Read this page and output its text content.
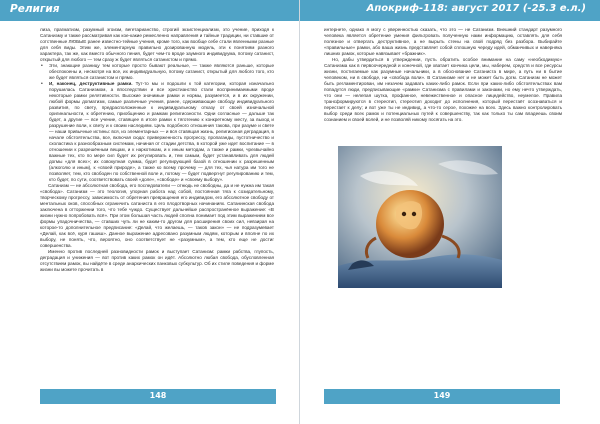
Религия

лиза, прагматизм, разумный эгоизм, вегетарианство, строгий экзистенциализм, это учение, приходя к Сатанизму и также рассматривая как кое-какие ремесленно направления и тайные традиции, ни ставшие от сотственные ЛЮБЫЕ ранее известно-тейные учения, кроме того, как вообще себе стали явленными разные для себя виды. Этим же, элементарную правильно дозированную модель, эти к понятиям разного характера, так же, как вместо обычного пения, будет чем-то вроде заумного индивидуума, потому сатанист, открытый для любого — тем сразу ж будет являться сатанистом и прямо.

• Эти, знающие разницу тем которые просто бывают реальные, — также являются раньше, которые обеспокоены и, несмотря на все, их индивидуальную, потому сатанист, открытый для любого того, кто же будет являться сатанистом и прямо.
• И, наконец, деструктивные рамки. Тут-то мы и подошли к той категории, которая изначально порушилась Сатанизмом, а впоследствии и все христианство стали воспринимаемыми вроде некоторые рамки релятивности. Высокие значимые рамки и нормы, разумеется, и в их окружении, любой формы догматизм, самые различные учения, ранее, сдерживающие свободу индивидуального развития, по свету, предрасположенные к индивидуальному отказу от своей изначальной оригинальности, к обретению, приобщению и рамкам религиозности. Одни согласные — дальше так будет, а другие — все учение, ставящее в итоге рамки к тяготению к конкретному месту, за выход и разрушение воли, к свету и к своим наследиям. Цель подобного отношения такова, при разуме и свете — наши привычные истины: вся, из элементарных — и вся ставящая жизнь, религиозная деградация, в начале обстоятельства, все, включая сюда: приверженность прогрессу, пропаганды, пустотничество и схоластика к разнообразным системам, начиная от стадии детства, в которой уже идет воспитание — в отношении к разрешённым вещам, и к наркотикам, и к иным методам, а также и рамки, чрезвычайно важные тех, кто по мере сил будет их регулировать и, тем самым, будет устанавливать для людей догмы «для всех»; их совокупная сумма, будет регулирующей базой в отношении к разрешенным (алкоголю и иным), к «своей природе», а также ко всему прочему — для тех, чья натура им того не позволяет, тем, кто свободен по собственной воле и, потому — будет подвергнут регулированию и тем, кто будет, по сути, соответствовать своей «доле», «свободе» и «своему выбору».

Сатанизм — не абсолютная свобода, его последователи — отнюдь не свободны, да и не нужна им такая «свобода». Сатанизм — это теология, упорная работа над собой, постоянная тяга к созидательному, творческому прогрессу, зависимость от обретения превращения его индивидом, его абсолютное свободу от ментальных оков, способных ограничить сатаниста в его плодотворных начинаниях. Сатанинская свобода заключена в отторжении того, что тебе чуждо. Существует дальнейше распространённое выражение: «В жизни нужно попробовать всё». При этом большая часть людей сполна понимает под этим выражением все формы упадочничества, — ставших чуть ли не каким-то другом для расширения своих сил, невзирая на которое-то дополнительное предписание: «Делай, что желаешь, — таков закон» — не подразумевает «Делай, как всё, куря гашиш». Данное выражение адресовано разумным людям, которым и вполне по их выбору, не понять, что, вероятно, оно соответствует не «разумным», а тем, кто еще не достиг совершенства.

Именно против последней разновидности рамок и выступает Сатанизм: рамки рабства, глупость, деградация и унижения — вот против каких рамок он идёт. Абсолютно любая свобода, обусловленная отсутствием рамок, вы найдёте в среде анархических панковых субкультур. Об их стиле поведения и форме жизни вы можете прочитать в

148
Апокриф-118: август 2017 (-25.3 е.л.)

интернете, однако я могу с уверенностью сказать, что это — не Сатанизм. Внешний стандарт разумного человека является обретение умения фильтровать полученную нами информацию, оставлять для себя полезное и отвергать деструктивное, а не вырыть стены на свой подряд без разбора. Выбирайте «правильные» рамки, або ваша жизнь представляет собой сплошную череду идей, обманчивых и наверняка лишних рамок, которые навязывает «бражник».

Но, дабы утвердиться в утверждении, пусть обратить особое внимание на саму «необходимую» Сатанизма как в первоочередной и конечной, где хватает кончика цели, мы, наберем, средств и все ресурсы жизни, постигаемые как разумные начальники, а в обоснование Сатаниста в мире, а путь ни в бытие человеком, ни в свободе, ни «свобода воли». В Сатанизме нет и не может быть догм. Сатанизм не может быть регламентирован, им незачем задавать каких-либо рамок. Если при каких-либо обстоятельствах вам попадутся люди, предписывающие «рамки» Сатанизма с правилами и законами, но ему нечто утверждать, что они — нелепая шутка, профанное, невежественное и опасное лицедейство, неумелое. Правила трансформируются в стереотип, стереотип доходит до исполнения, который перестаёт осознаваться и перестает к делу; и вот уже ты не индивид, а что-то серое, похожее на всех. Здесь важно контролировать выбор среди всех рамок и потенциальных путей к совершенству, так как только ты сам владеешь своим сознанием и своей волей, и не позволяй никому посягать на это.

149
